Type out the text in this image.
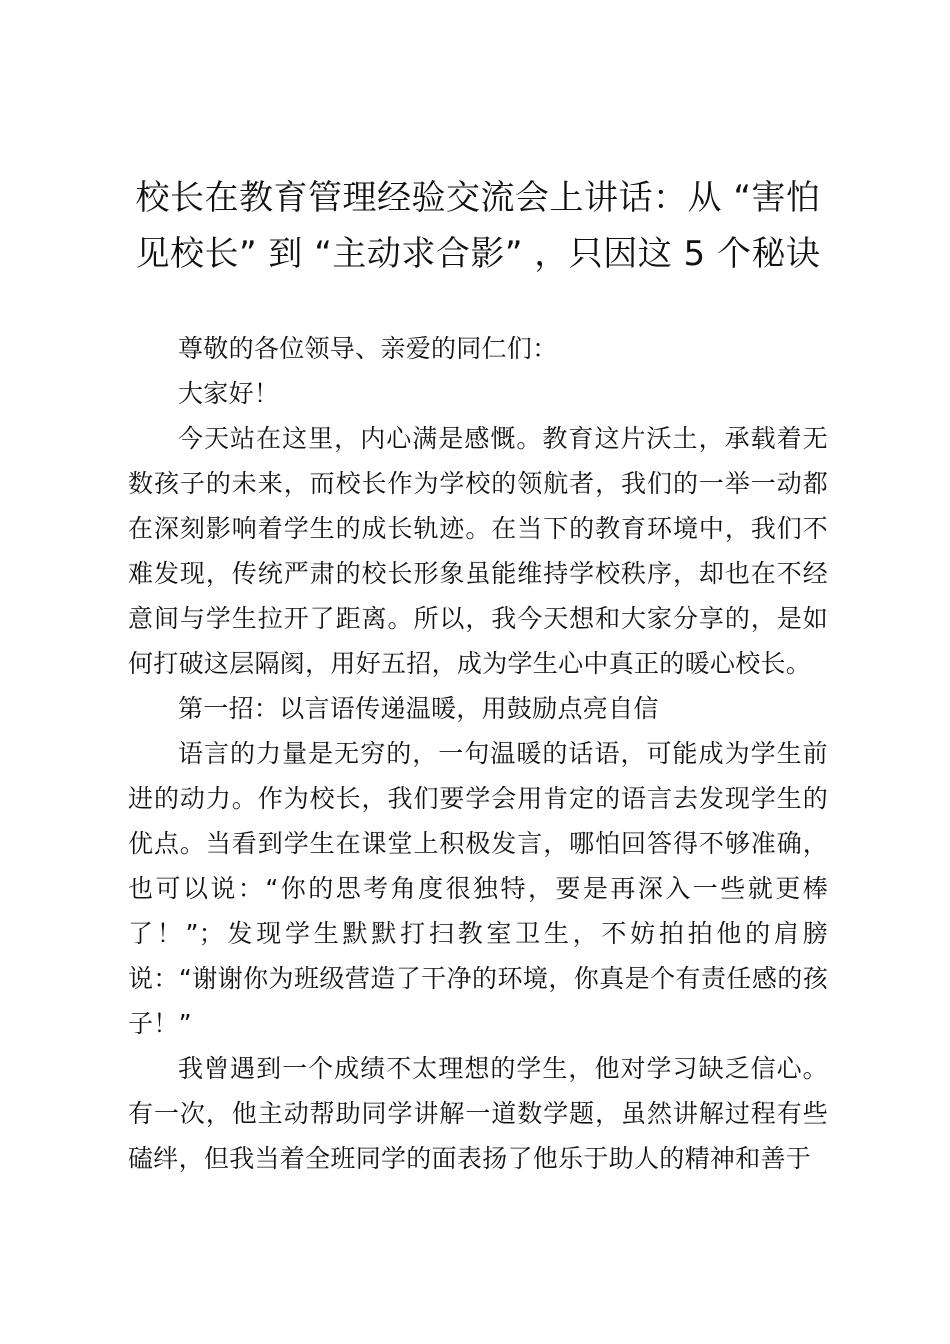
校长在教育管理经验交流会上讲话：从 “害怕见校长” 到 “主动求合影” ，只因这 5 个秘诀

尊敬的各位领导、亲爱的同仁们：

大家好！

今天站在这里，内心满是感慨。教育这片沃土，承载着无数孩子的未来，而校长作为学校的领航者，我们的一举一动都在深刻影响着学生的成长轨迹。在当下的教育环境中，我们不难发现，传统严肃的校长形象虽能维持学校秩序，却也在不经意间与学生拉开了距离。所以，我今天想和大家分享的，是如何打破这层隔阂，用好五招，成为学生心中真正的暖心校长。

第一招：以言语传递温暖，用鼓励点亮自信

语言的力量是无穷的，一句温暖的话语，可能成为学生前进的动力。作为校长，我们要学会用肯定的语言去发现学生的优点。当看到学生在课堂上积极发言，哪怕回答得不够准确，也可以说：“你的思考角度很独特，要是再深入一些就更棒了！”；发现学生默默打扫教室卫生，不妨拍拍他的肩膀说：“谢谢你为班级营造了干净的环境，你真是个有责任感的孩子！”

我曾遇到一个成绩不太理想的学生，他对学习缺乏信心。有一次，他主动帮助同学讲解一道数学题，虽然讲解过程有些磕绊，但我当着全班同学的面表扬了他乐于助人的精神和善于
